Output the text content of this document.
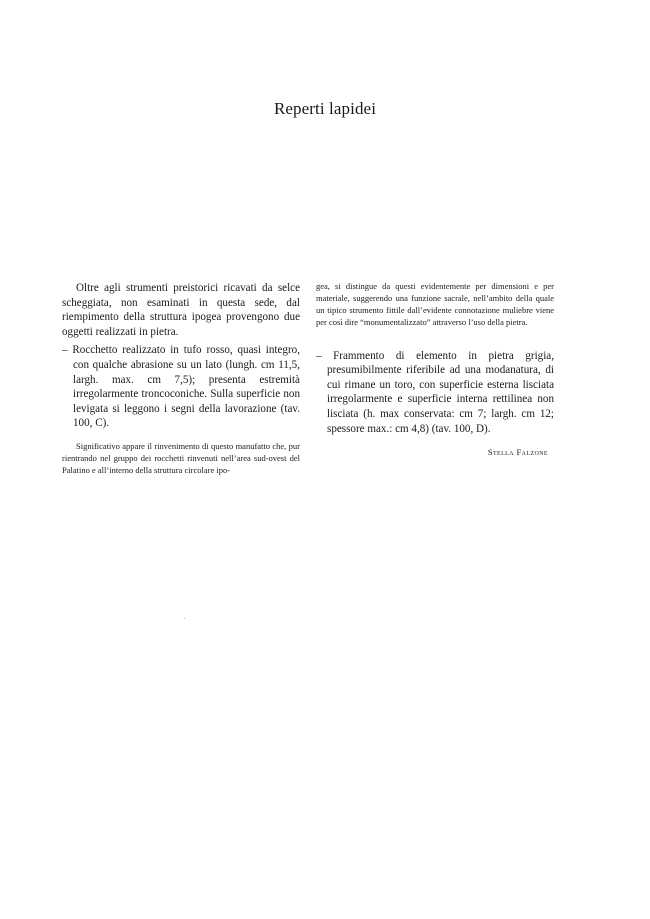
Reperti lapidei

Oltre agli strumenti preistorici ricavati da selce scheggiata, non esaminati in questa sede, dal riempimento della struttura ipogea provengono due oggetti realizzati in pietra.

– Rocchetto realizzato in tufo rosso, quasi integro, con qualche abrasione su un lato (lungh. cm 11,5, largh. max. cm 7,5); presenta estremità irregolarmente troncoconiche. Sulla superficie non levigata si leggono i segni della lavorazione (tav. 100, C).

Significativo appare il rinvenimento di questo manufatto che, pur rientrando nel gruppo dei rocchetti rinvenuti nell’area sud-ovest del Palatino e all’interno della struttura circolare ipo-

gea, si distingue da questi evidentemente per dimensioni e per materiale, suggerendo una funzione sacrale, nell’ambito della quale un tipico strumento fittile dall’evidente connotazione muliebre viene per così dire “monumentalizzato” attraverso l’uso della pietra.

– Frammento di elemento in pietra grigia, presumibilmente riferibile ad una modanatura, di cui rimane un toro, con superficie esterna lisciata irregolarmente e superficie interna rettilinea non lisciata (h. max conservata: cm 7; largh. cm 12; spessore max.: cm 4,8) (tav. 100, D).

Stella Falzone
